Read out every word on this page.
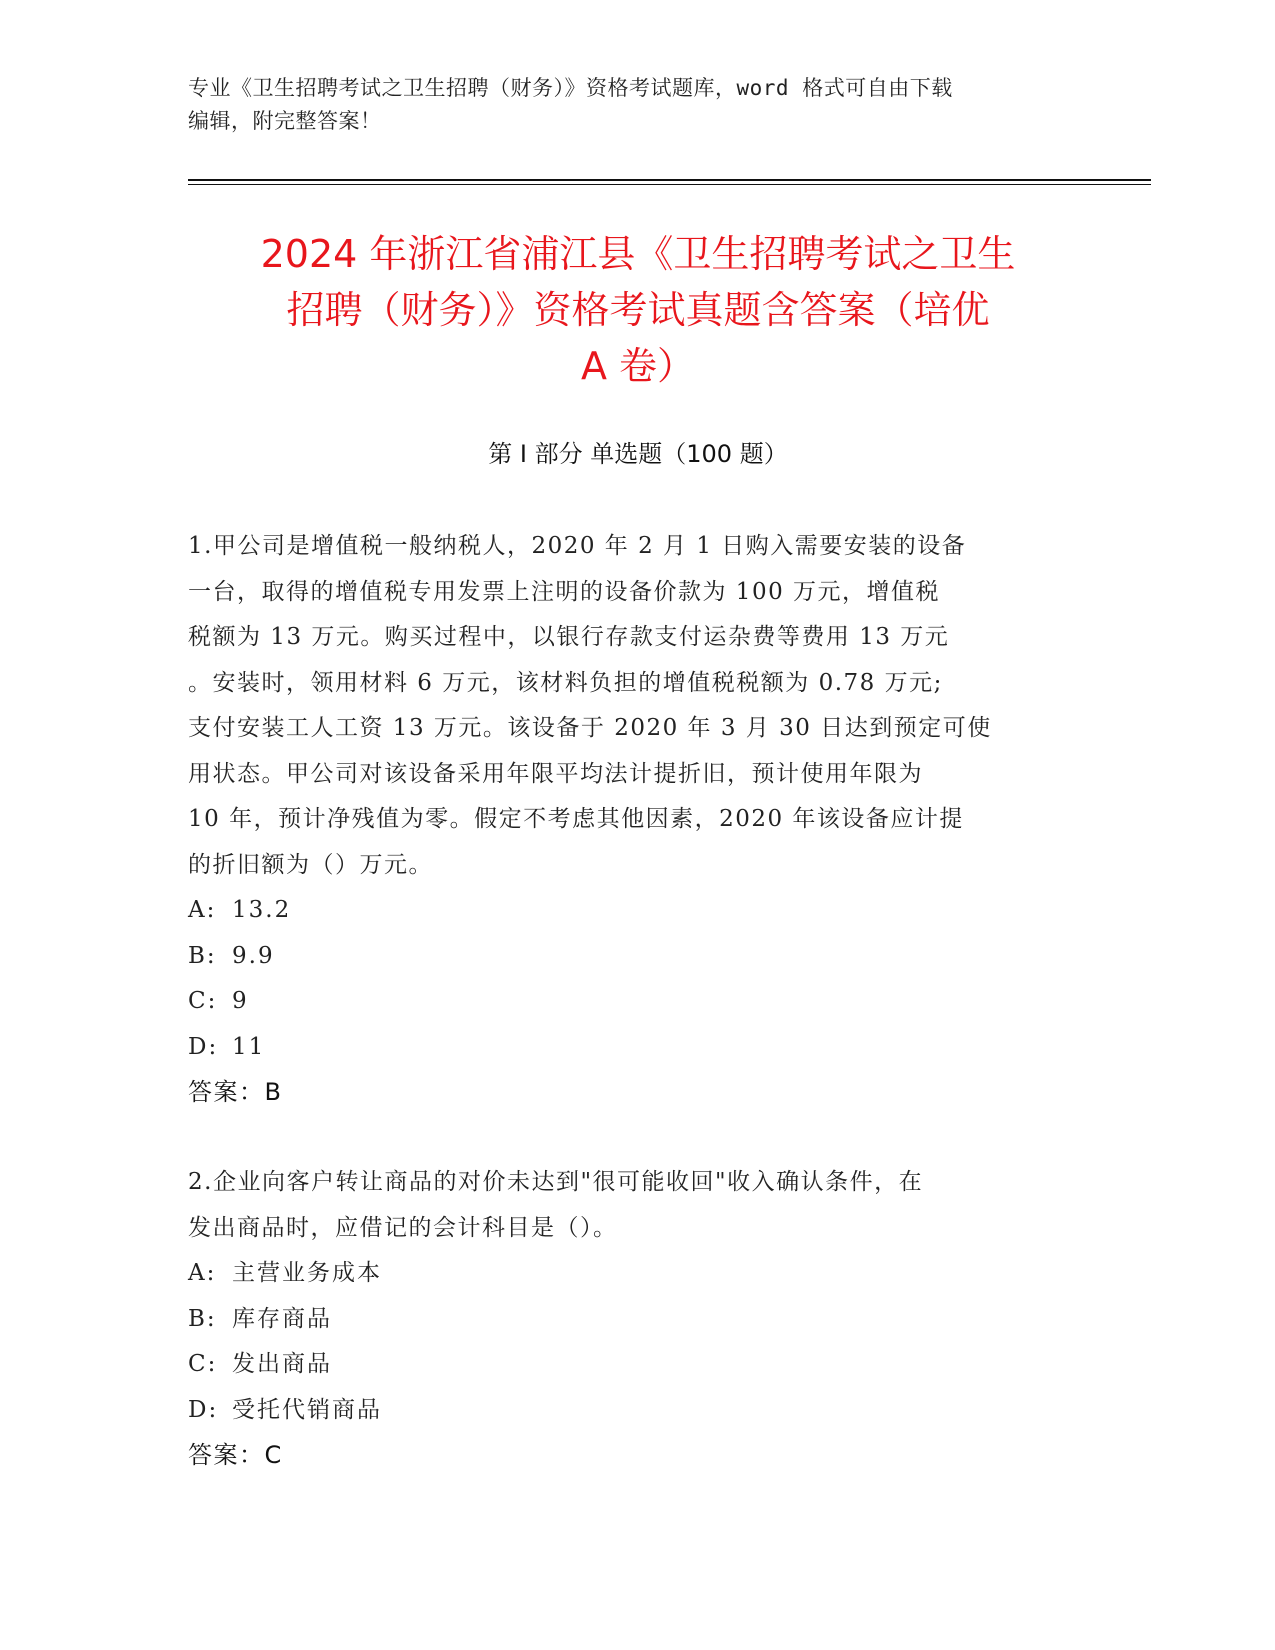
专业《卫生招聘考试之卫生招聘（财务）》资格考试题库，word 格式可自由下载
编辑，附完整答案！
2024 年浙江省浦江县《卫生招聘考试之卫生
招聘（财务）》资格考试真题含答案（培优
A 卷）
第 I 部分 单选题（100 题）
1.甲公司是增值税一般纳税人，2020 年 2 月 1 日购入需要安装的设备
一台，取得的增值税专用发票上注明的设备价款为 100 万元，增值税
税额为 13 万元。购买过程中，以银行存款支付运杂费等费用 13 万元
。安装时，领用材料 6 万元，该材料负担的增值税税额为 0.78 万元;
支付安装工人工资 13 万元。该设备于 2020 年 3 月 30 日达到预定可使
用状态。甲公司对该设备采用年限平均法计提折旧，预计使用年限为
10 年，预计净残值为零。假定不考虑其他因素，2020 年该设备应计提
的折旧额为（）万元。
A: 13.2
B: 9.9
C: 9
D: 11
答案：B
2.企业向客户转让商品的对价未达到"很可能收回"收入确认条件，在
发出商品时，应借记的会计科目是（）。
A: 主营业务成本
B: 库存商品
C: 发出商品
D: 受托代销商品
答案：C
